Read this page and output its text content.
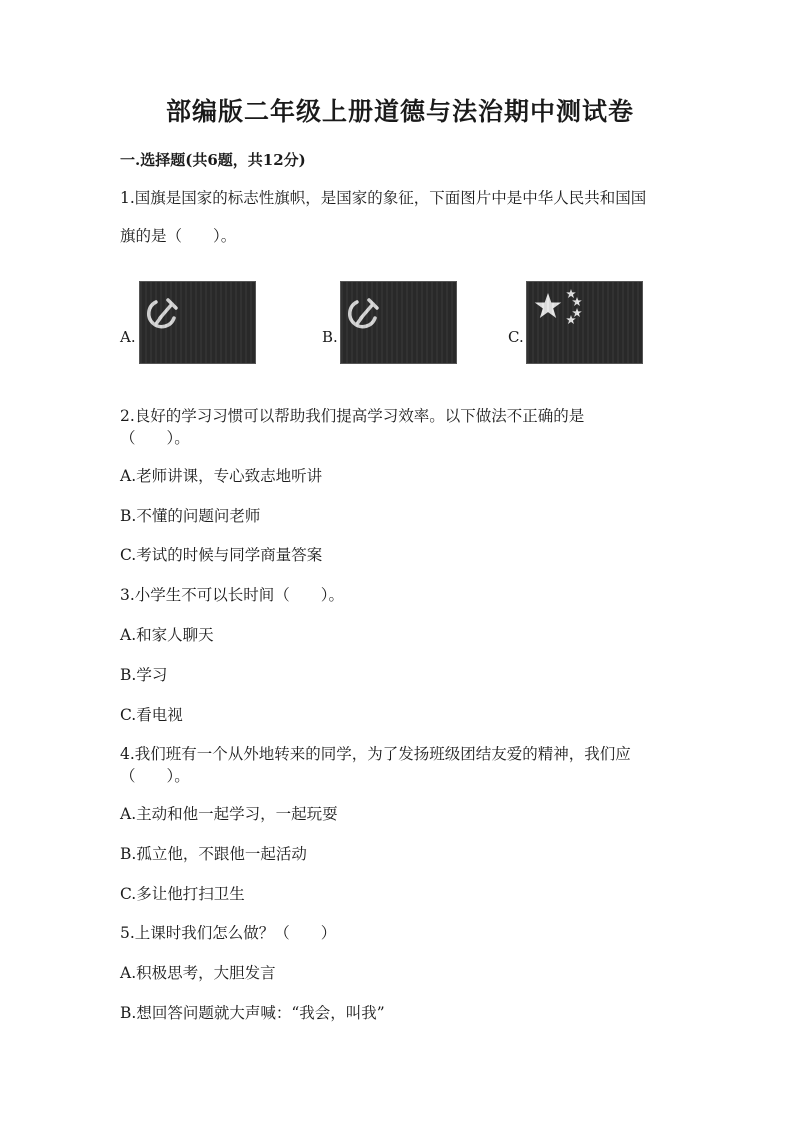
部编版二年级上册道德与法治期中测试卷
一.选择题(共6题，共12分)
1.国旗是国家的标志性旗帜，是国家的象征，下面图片中是中华人民共和国国
旗的是（　　）。
A.	B.	C.
2.良好的学习习惯可以帮助我们提高学习效率。以下做法不正确的是
（　　）。
A.老师讲课，专心致志地听讲
B.不懂的问题问老师
C.考试的时候与同学商量答案
3.小学生不可以长时间（　　）。
A.和家人聊天
B.学习
C.看电视
4.我们班有一个从外地转来的同学，为了发扬班级团结友爱的精神，我们应
（　　）。
A.主动和他一起学习，一起玩耍
B.孤立他，不跟他一起活动
C.多让他打扫卫生
5.上课时我们怎么做？（　　）
A.积极思考，大胆发言
B.想回答问题就大声喊：“我会，叫我”
